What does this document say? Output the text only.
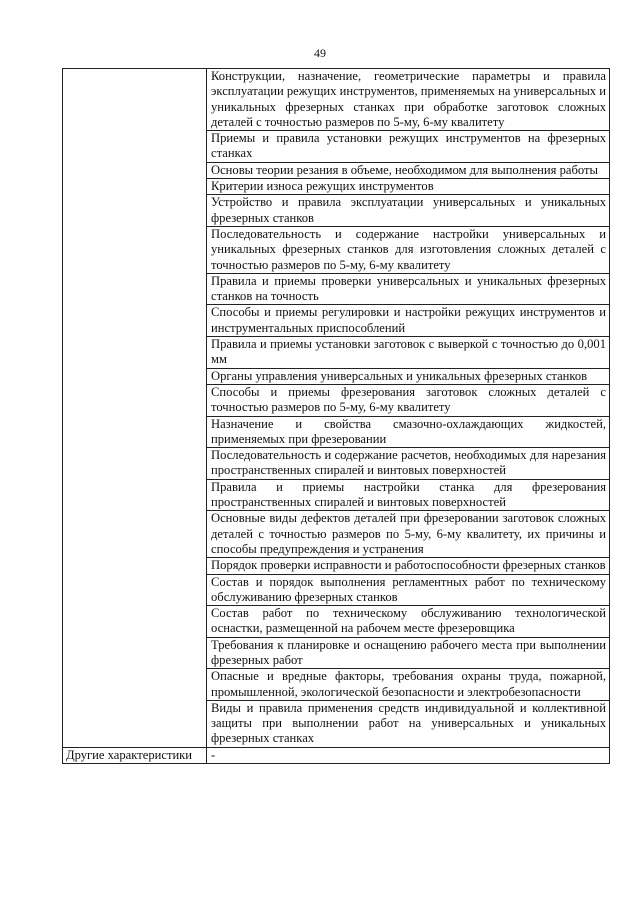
49
	Конструкции, назначение, геометрические параметры и правила эксплуатации режущих инструментов, применяемых на универсальных и уникальных фрезерных станках при обработке заготовок сложных деталей с точностью размеров по 5-му, 6-му квалитету
	Приемы и правила установки режущих инструментов на фрезерных станках
	Основы теории резания в объеме, необходимом для выполнения работы
	Критерии износа режущих инструментов
	Устройство и правила эксплуатации универсальных и уникальных фрезерных станков
	Последовательность и содержание настройки универсальных и уникальных фрезерных станков для изготовления сложных деталей с точностью размеров по 5-му, 6-му квалитету
	Правила и приемы проверки универсальных и уникальных фрезерных станков на точность
	Способы и приемы регулировки и настройки режущих инструментов и инструментальных приспособлений
	Правила и приемы установки заготовок с выверкой с точностью до 0,001 мм
	Органы управления универсальных и уникальных фрезерных станков
	Способы и приемы фрезерования заготовок сложных деталей с точностью размеров по 5-му, 6-му квалитету
	Назначение и свойства смазочно-охлаждающих жидкостей, применяемых при фрезеровании
	Последовательность и содержание расчетов, необходимых для нарезания пространственных спиралей и винтовых поверхностей
	Правила и приемы настройки станка для фрезерования пространственных спиралей и винтовых поверхностей
	Основные виды дефектов деталей при фрезеровании заготовок сложных деталей с точностью размеров по 5-му, 6-му квалитету, их причины и способы предупреждения и устранения
	Порядок проверки исправности и работоспособности фрезерных станков
	Состав и порядок выполнения регламентных работ по техническому обслуживанию фрезерных станков
	Состав работ по техническому обслуживанию технологической оснастки, размещенной на рабочем месте фрезеровщика
	Требования к планировке и оснащению рабочего места при выполнении фрезерных работ
	Опасные и вредные факторы, требования охраны труда, пожарной, промышленной, экологической безопасности и электробезопасности
	Виды и правила применения средств индивидуальной и коллективной защиты при выполнении работ на универсальных и уникальных фрезерных станках
Другие характеристики	-
